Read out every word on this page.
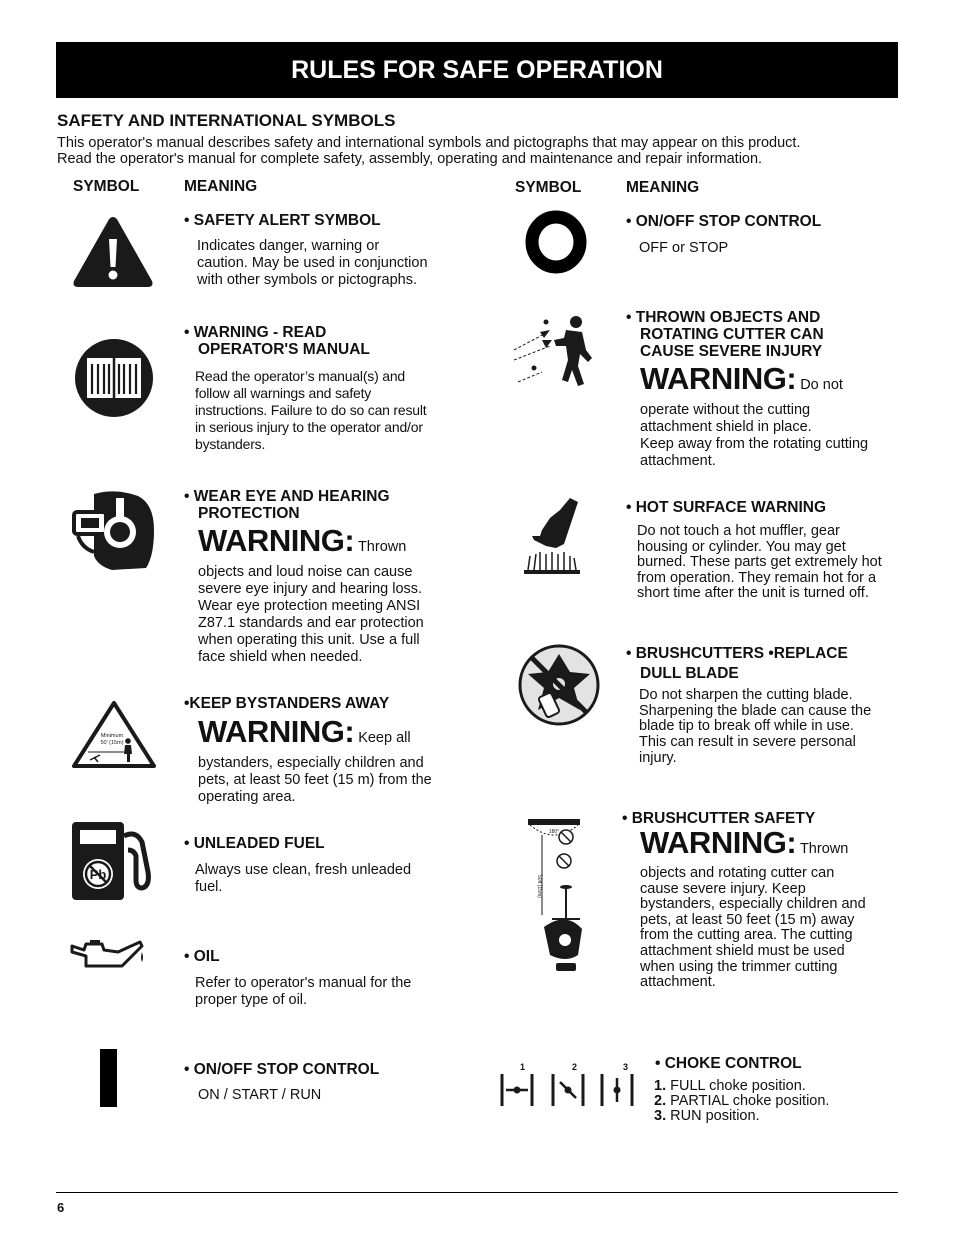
RULES FOR SAFE OPERATION
SAFETY AND INTERNATIONAL SYMBOLS
This operator's manual describes safety and international symbols and pictographs that may appear on this product.
Read the operator's manual for complete safety, assembly, operating and maintenance and repair information.
SYMBOL	MEANING	SYMBOL	MEANING
• SAFETY ALERT SYMBOL
Indicates danger, warning or
caution. May be used in conjunction
with other symbols or pictographs.
• WARNING - READ
OPERATOR'S MANUAL
Read the operator’s manual(s) and
follow all warnings and safety
instructions. Failure to do so can result
in serious injury to the operator and/or
bystanders.
• WEAR EYE AND HEARING
PROTECTION
WARNING: Thrown
objects and loud noise can cause
severe eye injury and hearing loss.
Wear eye protection meeting ANSI
Z87.1 standards and ear protection
when operating this unit. Use a full
face shield when needed.
Minimum
50' (15m)
•KEEP BYSTANDERS AWAY
WARNING: Keep all
bystanders, especially children and
pets, at least 50 feet (15 m) from the
operating area.
Pb
• UNLEADED FUEL
Always use clean, fresh unleaded
fuel.
• OIL
Refer to operator's manual for the
proper type of oil.
• ON/OFF STOP CONTROL
ON / START / RUN
• ON/OFF STOP CONTROL
OFF or STOP
• THROWN OBJECTS AND
ROTATING CUTTER CAN
CAUSE SEVERE INJURY
WARNING: Do not
operate without the cutting
attachment shield in place.
Keep away from the rotating cutting
attachment.
• HOT SURFACE WARNING
Do not touch a hot muffler, gear
housing or cylinder. You may get
burned. These parts get extremely hot
from operation. They remain hot for a
short time after the unit is turned off.
• BRUSHCUTTERS •REPLACE
DULL BLADE
Do not sharpen the cutting blade.
Sharpening the blade can cause the
blade tip to break off while in use.
This can result in severe personal
injury.
180°
50ft (15m)
• BRUSHCUTTER SAFETY
WARNING: Thrown
objects and rotating cutter can
cause severe injury. Keep
bystanders, especially children and
pets, at least 50 feet (15 m) away
from the cutting area. The cutting
attachment shield must be used
when using the trimmer cutting
attachment.
1	2	3 • CHOKE CONTROL
1. FULL choke position.
2. PARTIAL choke position.
3. RUN position.
6
